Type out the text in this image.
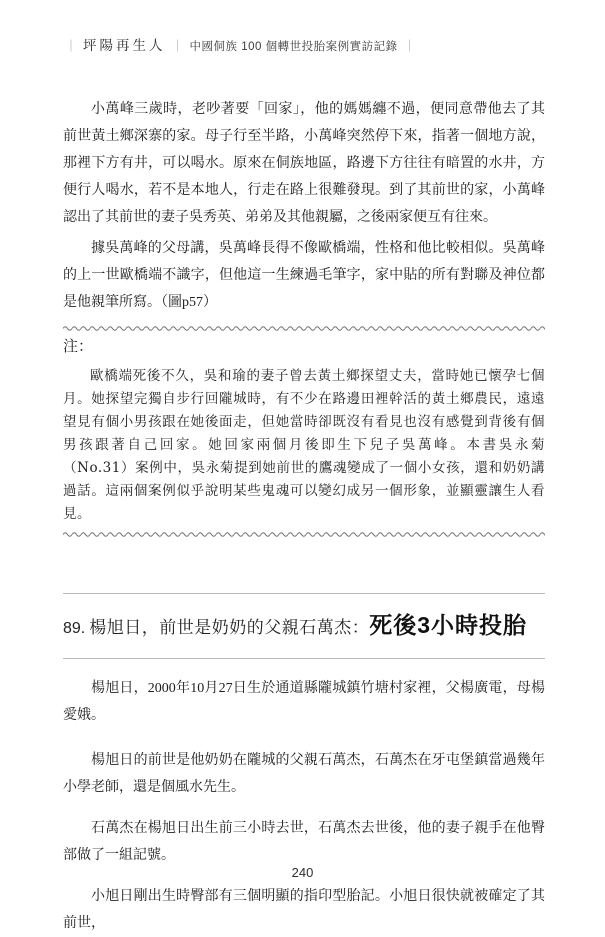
｜ 坪陽再生人 ｜ 中國侗族 100 個轉世投胎案例實訪記錄 ｜

小萬峰三歲時，老吵著要「回家」，他的媽媽纏不過，便同意帶他去了其前世黃土鄉深寨的家。母子行至半路，小萬峰突然停下來，指著一個地方說，那裡下方有井，可以喝水。原來在侗族地區，路邊下方往往有暗置的水井，方便行人喝水，若不是本地人，行走在路上很難發現。到了其前世的家，小萬峰認出了其前世的妻子吳秀英、弟弟及其他親屬，之後兩家便互有往來。

據吳萬峰的父母講，吳萬峰長得不像歐橋端，性格和他比較相似。吳萬峰的上一世歐橋端不識字，但他這一生練過毛筆字，家中貼的所有對聯及神位都是他親筆所寫。（圖p57）

注：

歐橋端死後不久，吳和瑜的妻子曾去黃土鄉探望丈夫，當時她已懷孕七個月。她探望完獨自步行回隴城時，有不少在路邊田裡幹活的黃土鄉農民，遠遠望見有個小男孩跟在她後面走，但她當時卻既沒有看見也沒有感覺到背後有個男孩跟著自己回家。她回家兩個月後即生下兒子吳萬峰。本書吳永菊（No.31）案例中，吳永菊提到她前世的鷹魂變成了一個小女孩，還和奶奶講過話。這兩個案例似乎說明某些鬼魂可以變幻成另一個形象，並顯靈讓生人看見。

89. 楊旭日，前世是奶奶的父親石萬杰：死後3小時投胎

楊旭日，2000年10月27日生於通道縣隴城鎮竹塘村家裡，父楊廣電，母楊愛娥。

楊旭日的前世是他奶奶在隴城的父親石萬杰，石萬杰在牙屯堡鎮當過幾年小學老師，還是個風水先生。

石萬杰在楊旭日出生前三小時去世，石萬杰去世後，他的妻子親手在他臀部做了一組記號。

小旭日剛出生時臀部有三個明顯的指印型胎記。小旭日很快就被確定了其前世，

240
